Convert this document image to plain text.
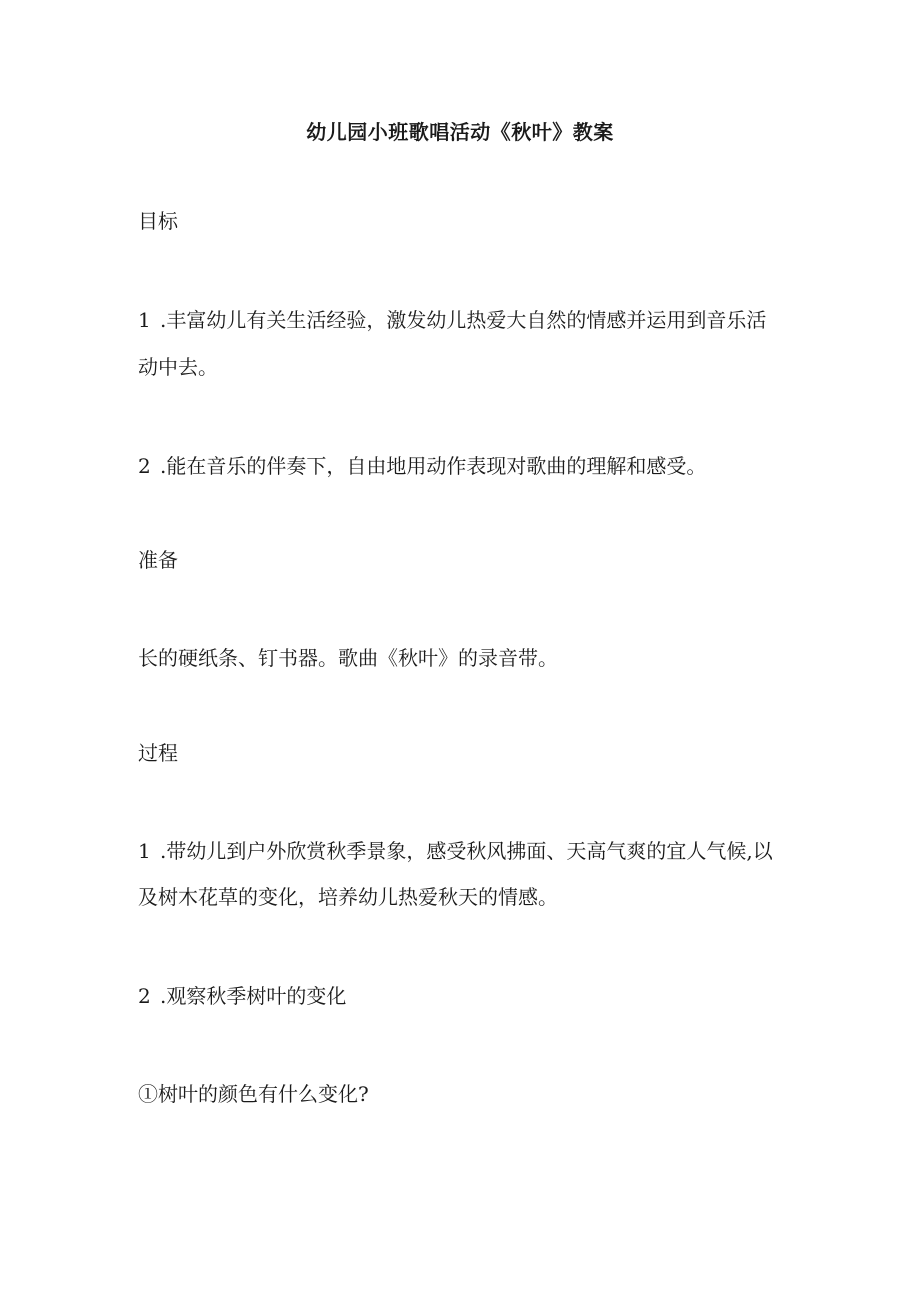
幼儿园小班歌唱活动《秋叶》教案

目标

1 .丰富幼儿有关生活经验，激发幼儿热爱大自然的情感并运用到音乐活

动中去。

2 .能在音乐的伴奏下，自由地用动作表现对歌曲的理解和感受。

准备

长的硬纸条、钉书器。歌曲《秋叶》的录音带。

过程

1 .带幼儿到户外欣赏秋季景象，感受秋风拂面、天高气爽的宜人气候,以

及树木花草的变化，培养幼儿热爱秋天的情感。

2 .观察秋季树叶的变化

①树叶的颜色有什么变化?
